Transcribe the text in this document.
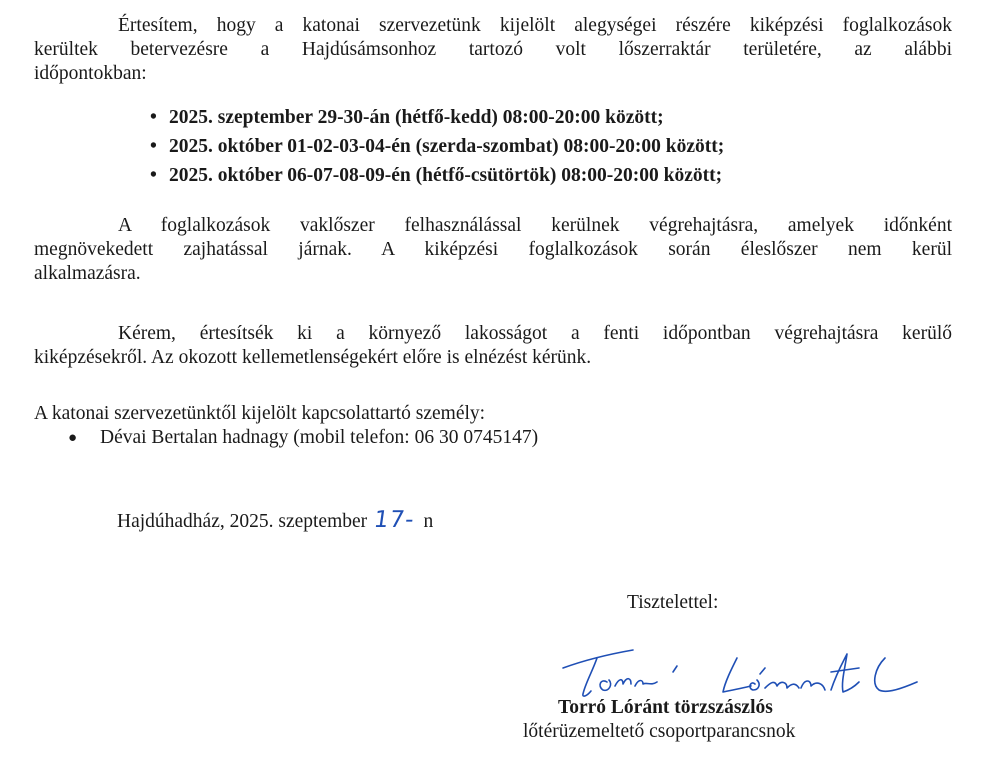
Értesítem, hogy a katonai szervezetünk kijelölt alegységei részére kiképzési foglalkozások
kerültek betervezésre a Hajdúsámsonhoz tartozó volt lőszerraktár területére, az alábbi
időpontokban:
• 2025. szeptember 29-30-án (hétfő-kedd) 08:00-20:00 között;
• 2025. október 01-02-03-04-én (szerda-szombat) 08:00-20:00 között;
• 2025. október 06-07-08-09-én (hétfő-csütörtök) 08:00-20:00 között;
A foglalkozások vaklőszer felhasználással kerülnek végrehajtásra, amelyek időnként
megnövekedett zajhatással járnak. A kiképzési foglalkozások során éleslőszer nem kerül
alkalmazásra.
Kérem, értesítsék ki a környező lakosságot a fenti időpontban végrehajtásra kerülő
kiképzésekről. Az okozott kellemetlenségekért előre is elnézést kérünk.
A katonai szervezetünktől kijelölt kapcsolattartó személy:
● Dévai Bertalan hadnagy (mobil telefon: 06 30 0745147)
Hajdúhadház, 2025. szeptember 17- n
Tisztelettel:
Torró Lóránt törzszászlós
lőtérüzemeltető csoportparancsnok
